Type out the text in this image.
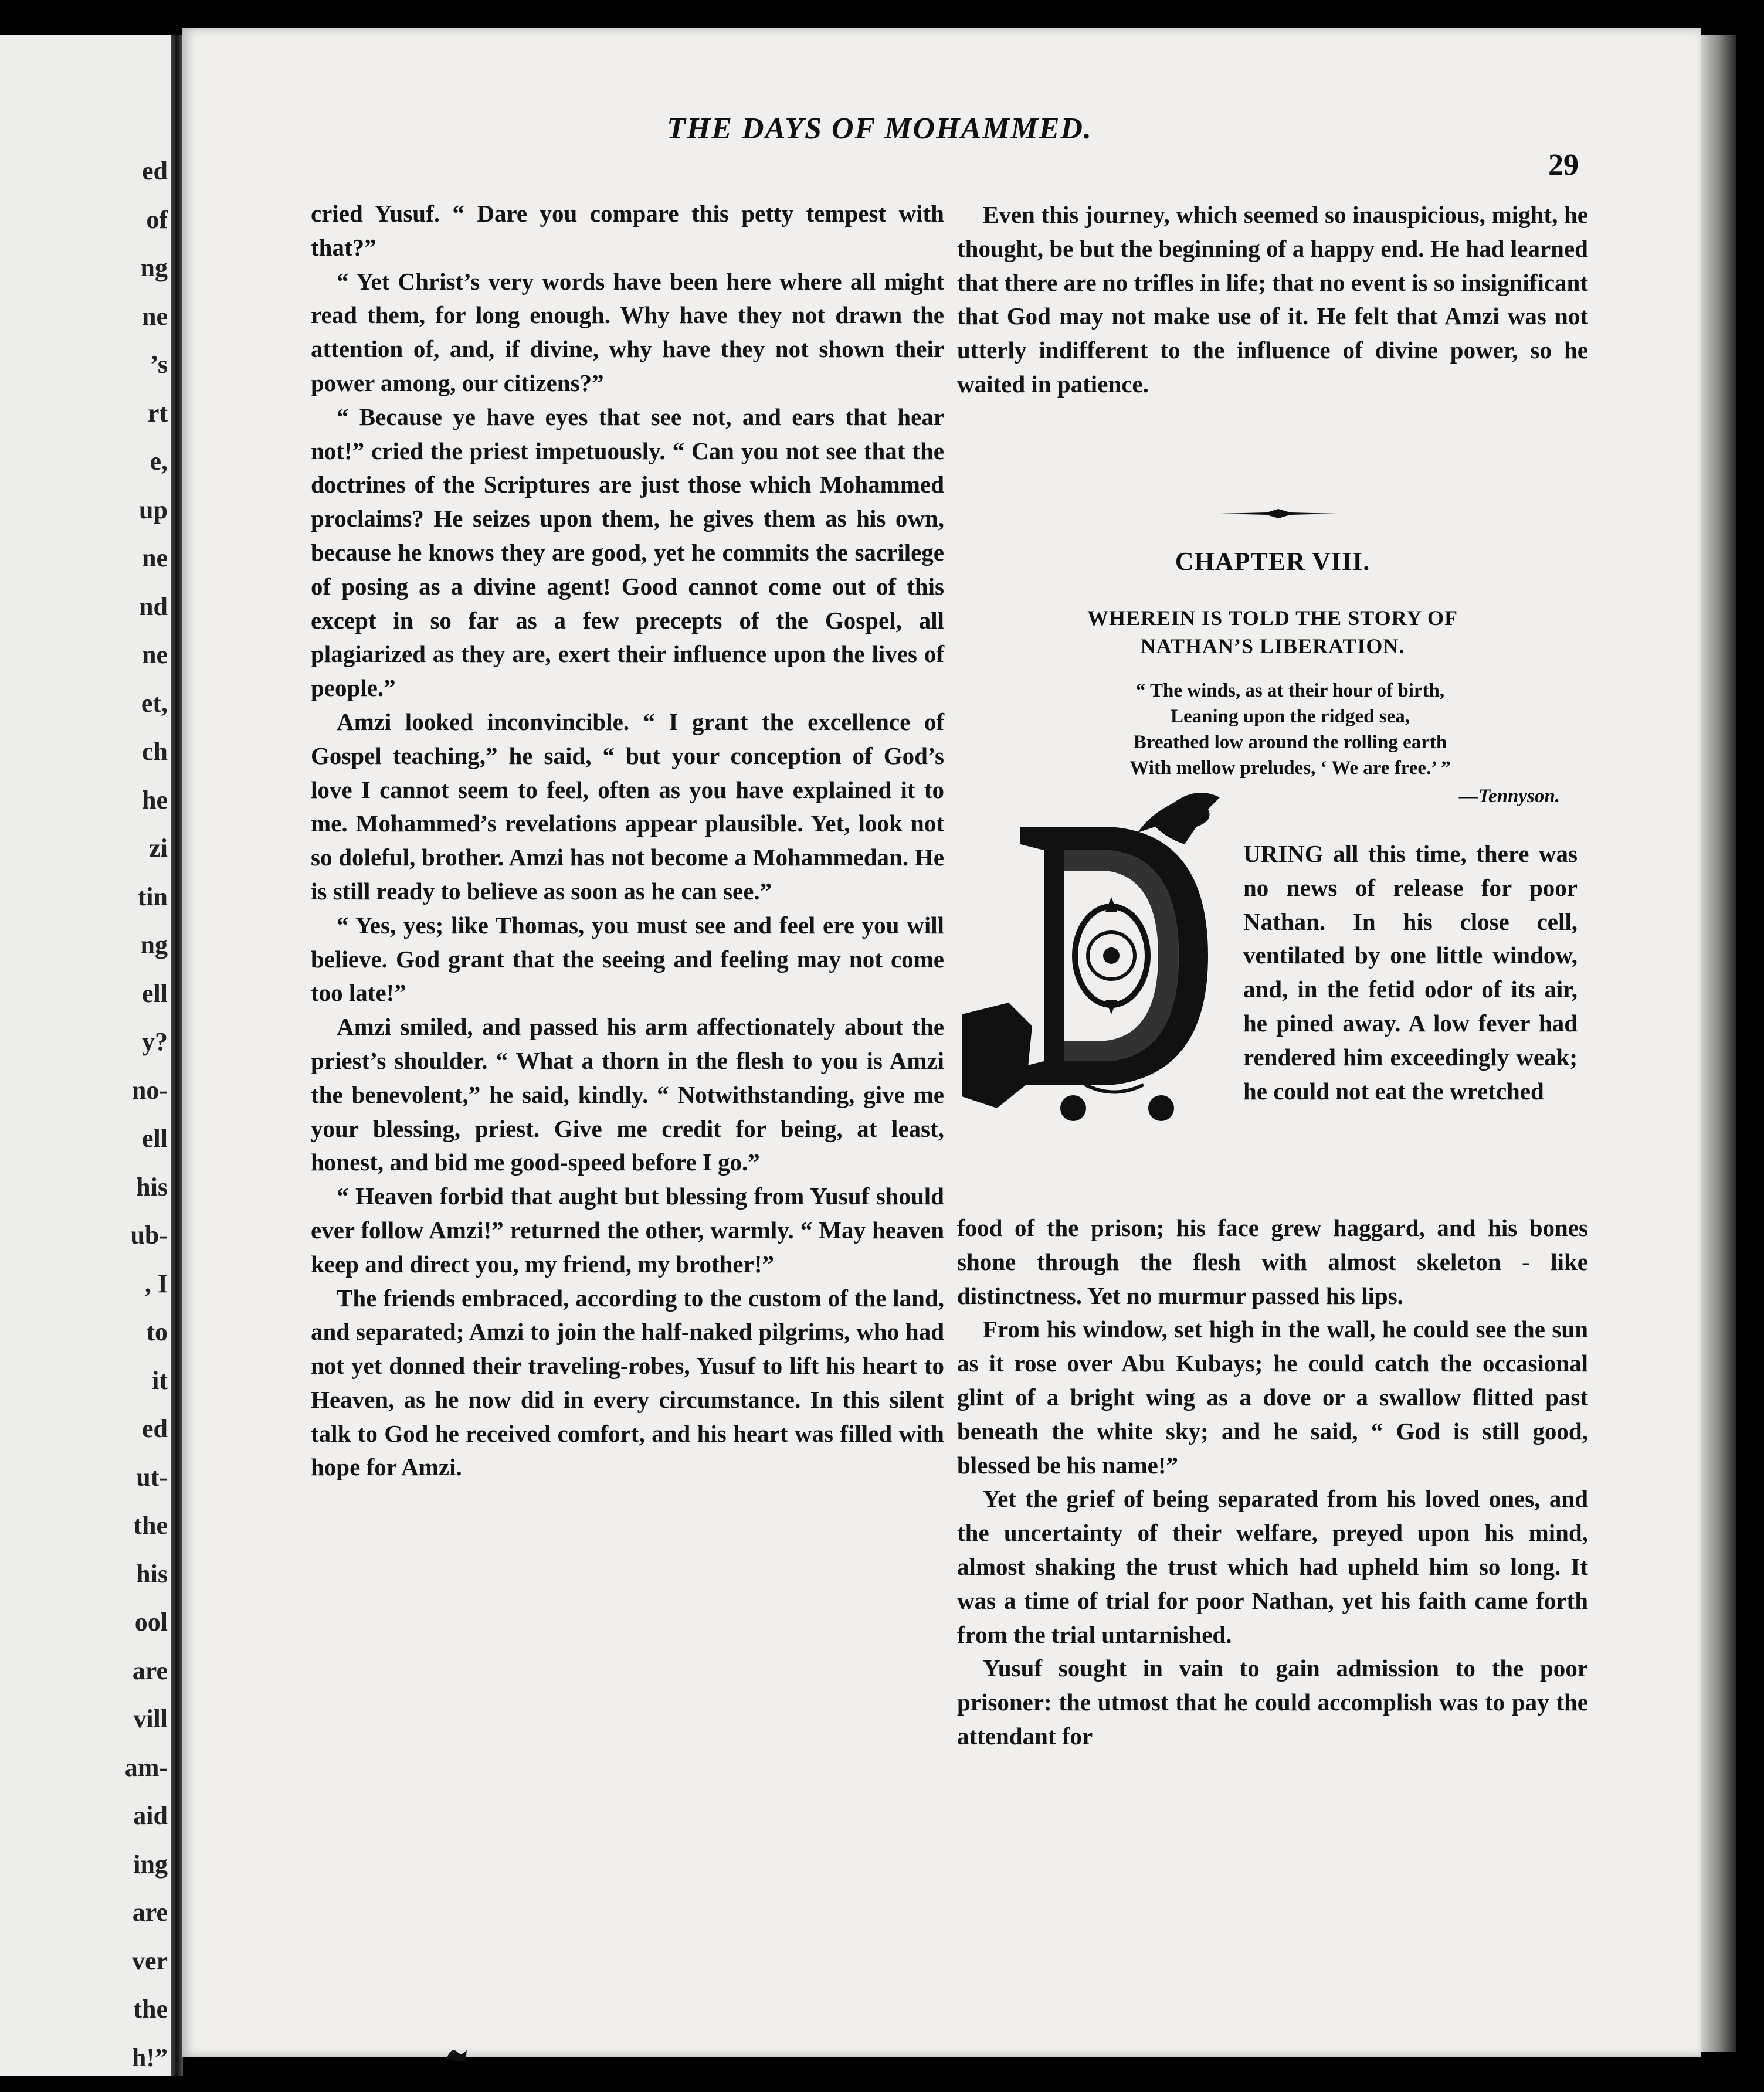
ed
of
ng
ne
’s
rt
e,
up
ne
nd
ne
et,
ch
he
zi
tin
ng
ell
y?
no-
ell
his
ub-
, I
to
it
ed
ut-
the
his
ool
are
vill
am-
aid
ing
are
ver
the
h!”
THE DAYS OF MOHAMMED.
29

cried Yusuf. “ Dare you compare this petty tempest with that?”

“ Yet Christ’s very words have been here where all might read them, for long enough. Why have they not drawn the attention of, and, if divine, why have they not shown their power among, our citizens?”

“ Because ye have eyes that see not, and ears that hear not!” cried the priest impetuously. “ Can you not see that the doctrines of the Scriptures are just those which Mohammed proclaims? He seizes upon them, he gives them as his own, because he knows they are good, yet he commits the sacrilege of posing as a divine agent! Good cannot come out of this except in so far as a few precepts of the Gospel, all plagiarized as they are, exert their influence upon the lives of people.”

Amzi looked inconvincible. “ I grant the excellence of Gospel teaching,” he said, “ but your conception of God’s love I cannot seem to feel, often as you have explained it to me. Mohammed’s revelations appear plausible. Yet, look not so doleful, brother. Amzi has not become a Mohammedan. He is still ready to believe as soon as he can see.”

“ Yes, yes; like Thomas, you must see and feel ere you will believe. God grant that the seeing and feeling may not come too late!”

Amzi smiled, and passed his arm affectionately about the priest’s shoulder. “ What a thorn in the flesh to you is Amzi the benevolent,” he said, kindly. “ Notwithstanding, give me your blessing, priest. Give me credit for being, at least, honest, and bid me good-speed before I go.”

“ Heaven forbid that aught but blessing from Yusuf should ever follow Amzi!” returned the other, warmly. “ May heaven keep and direct you, my friend, my brother!”

The friends embraced, according to the custom of the land, and separated; Amzi to join the half-naked pilgrims, who had not yet donned their traveling-robes, Yusuf to lift his heart to Heaven, as he now did in every circumstance. In this silent talk to God he received comfort, and his heart was filled with hope for Amzi.

Even this journey, which seemed so inauspicious, might, he thought, be but the beginning of a happy end. He had learned that there are no trifles in life; that no event is so insignificant that God may not make use of it. He felt that Amzi was not utterly indifferent to the influence of divine power, so he waited in patience.

CHAPTER VIII.
WHEREIN IS TOLD THE STORY OF
NATHAN’S LIBERATION.
“ The winds, as at their hour of birth,
Leaning upon the ridged sea,
Breathed low around the rolling earth
With mellow preludes, ‘ We are free.’ ”
—Tennyson.
URING all this time, there was no news of release for poor Nathan. In his close cell, ventilated by one little window, and, in the fetid odor of its air, he pined away. A low fever had rendered him exceedingly weak; he could not eat the wretched

food of the prison; his face grew haggard, and his bones shone through the flesh with almost skeleton - like distinctness. Yet no murmur passed his lips.

From his window, set high in the wall, he could see the sun as it rose over Abu Kubays; he could catch the occasional glint of a bright wing as a dove or a swallow flitted past beneath the white sky; and he said, “ God is still good, blessed be his name!”

Yet the grief of being separated from his loved ones, and the uncertainty of their welfare, preyed upon his mind, almost shaking the trust which had upheld him so long. It was a time of trial for poor Nathan, yet his faith came forth from the trial untarnished.

Yusuf sought in vain to gain admission to the poor prisoner: the utmost that he could accomplish was to pay the attendant for
